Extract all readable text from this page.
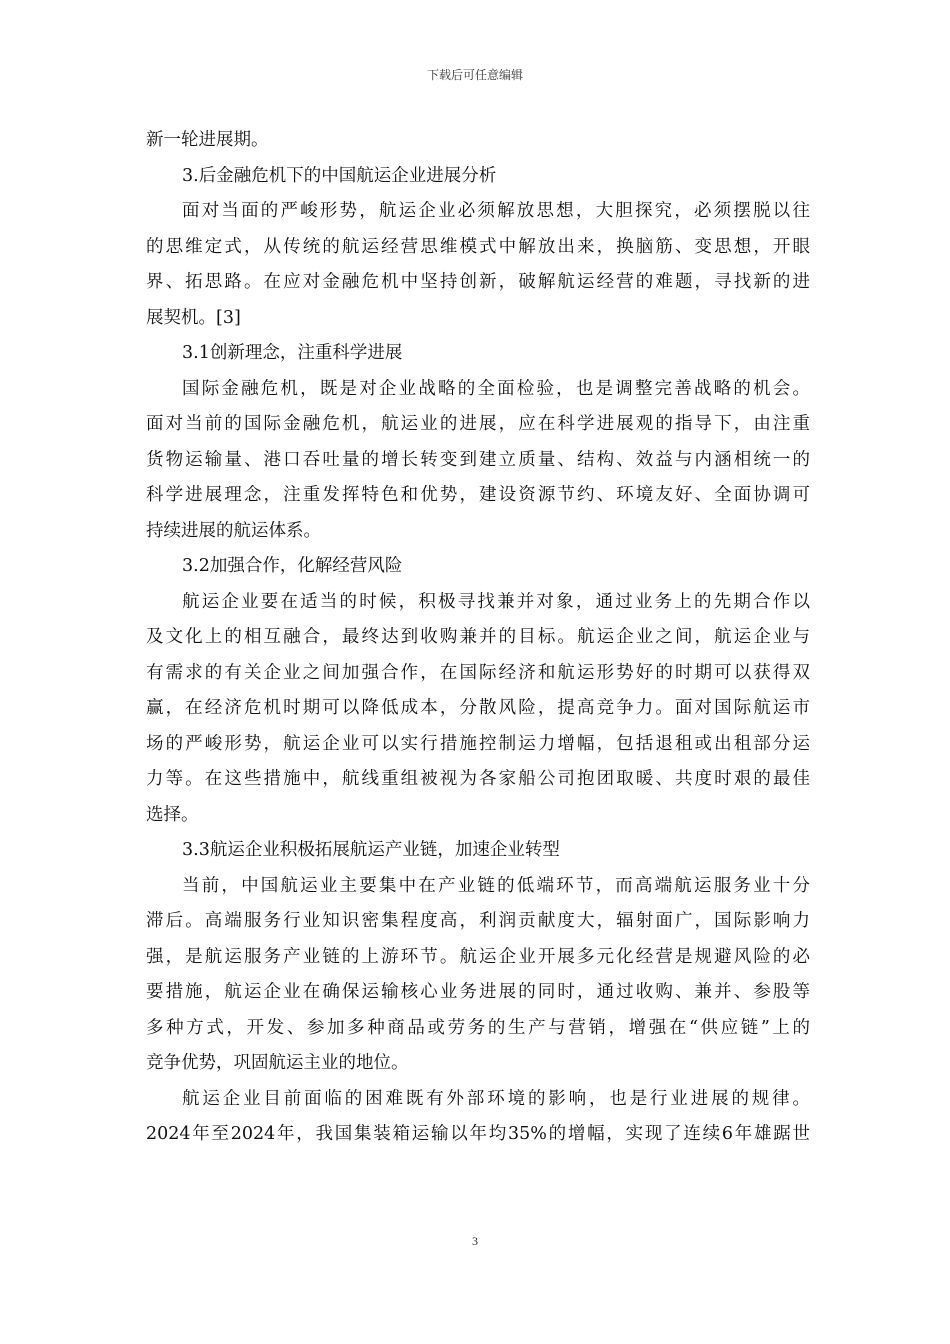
下载后可任意编辑
新一轮进展期。
3.后金融危机下的中国航运企业进展分析
面对当面的严峻形势，航运企业必须解放思想，大胆探究，必须摆脱以往
的思维定式，从传统的航运经营思维模式中解放出来，换脑筋、变思想，开眼
界、拓思路。在应对金融危机中坚持创新，破解航运经营的难题，寻找新的进
展契机。[3]
3.1创新理念，注重科学进展
国际金融危机，既是对企业战略的全面检验，也是调整完善战略的机会。
面对当前的国际金融危机，航运业的进展，应在科学进展观的指导下，由注重
货物运输量、港口吞吐量的增长转变到建立质量、结构、效益与内涵相统一的
科学进展理念，注重发挥特色和优势，建设资源节约、环境友好、全面协调可
持续进展的航运体系。
3.2加强合作，化解经营风险
航运企业要在适当的时候，积极寻找兼并对象，通过业务上的先期合作以
及文化上的相互融合，最终达到收购兼并的目标。航运企业之间，航运企业与
有需求的有关企业之间加强合作，在国际经济和航运形势好的时期可以获得双
赢，在经济危机时期可以降低成本，分散风险，提高竞争力。面对国际航运市
场的严峻形势，航运企业可以实行措施控制运力增幅，包括退租或出租部分运
力等。在这些措施中，航线重组被视为各家船公司抱团取暖、共度时艰的最佳
选择。
3.3航运企业积极拓展航运产业链，加速企业转型
当前，中国航运业主要集中在产业链的低端环节，而高端航运服务业十分
滞后。高端服务行业知识密集程度高，利润贡献度大，辐射面广，国际影响力
强，是航运服务产业链的上游环节。航运企业开展多元化经营是规避风险的必
要措施，航运企业在确保运输核心业务进展的同时，通过收购、兼并、参股等
多种方式，开发、参加多种商品或劳务的生产与营销，增强在“供应链”上的
竞争优势，巩固航运主业的地位。
航运企业目前面临的困难既有外部环境的影响，也是行业进展的规律。
2024年至2024年，我国集装箱运输以年均35%的增幅，实现了连续6年雄踞世
3
